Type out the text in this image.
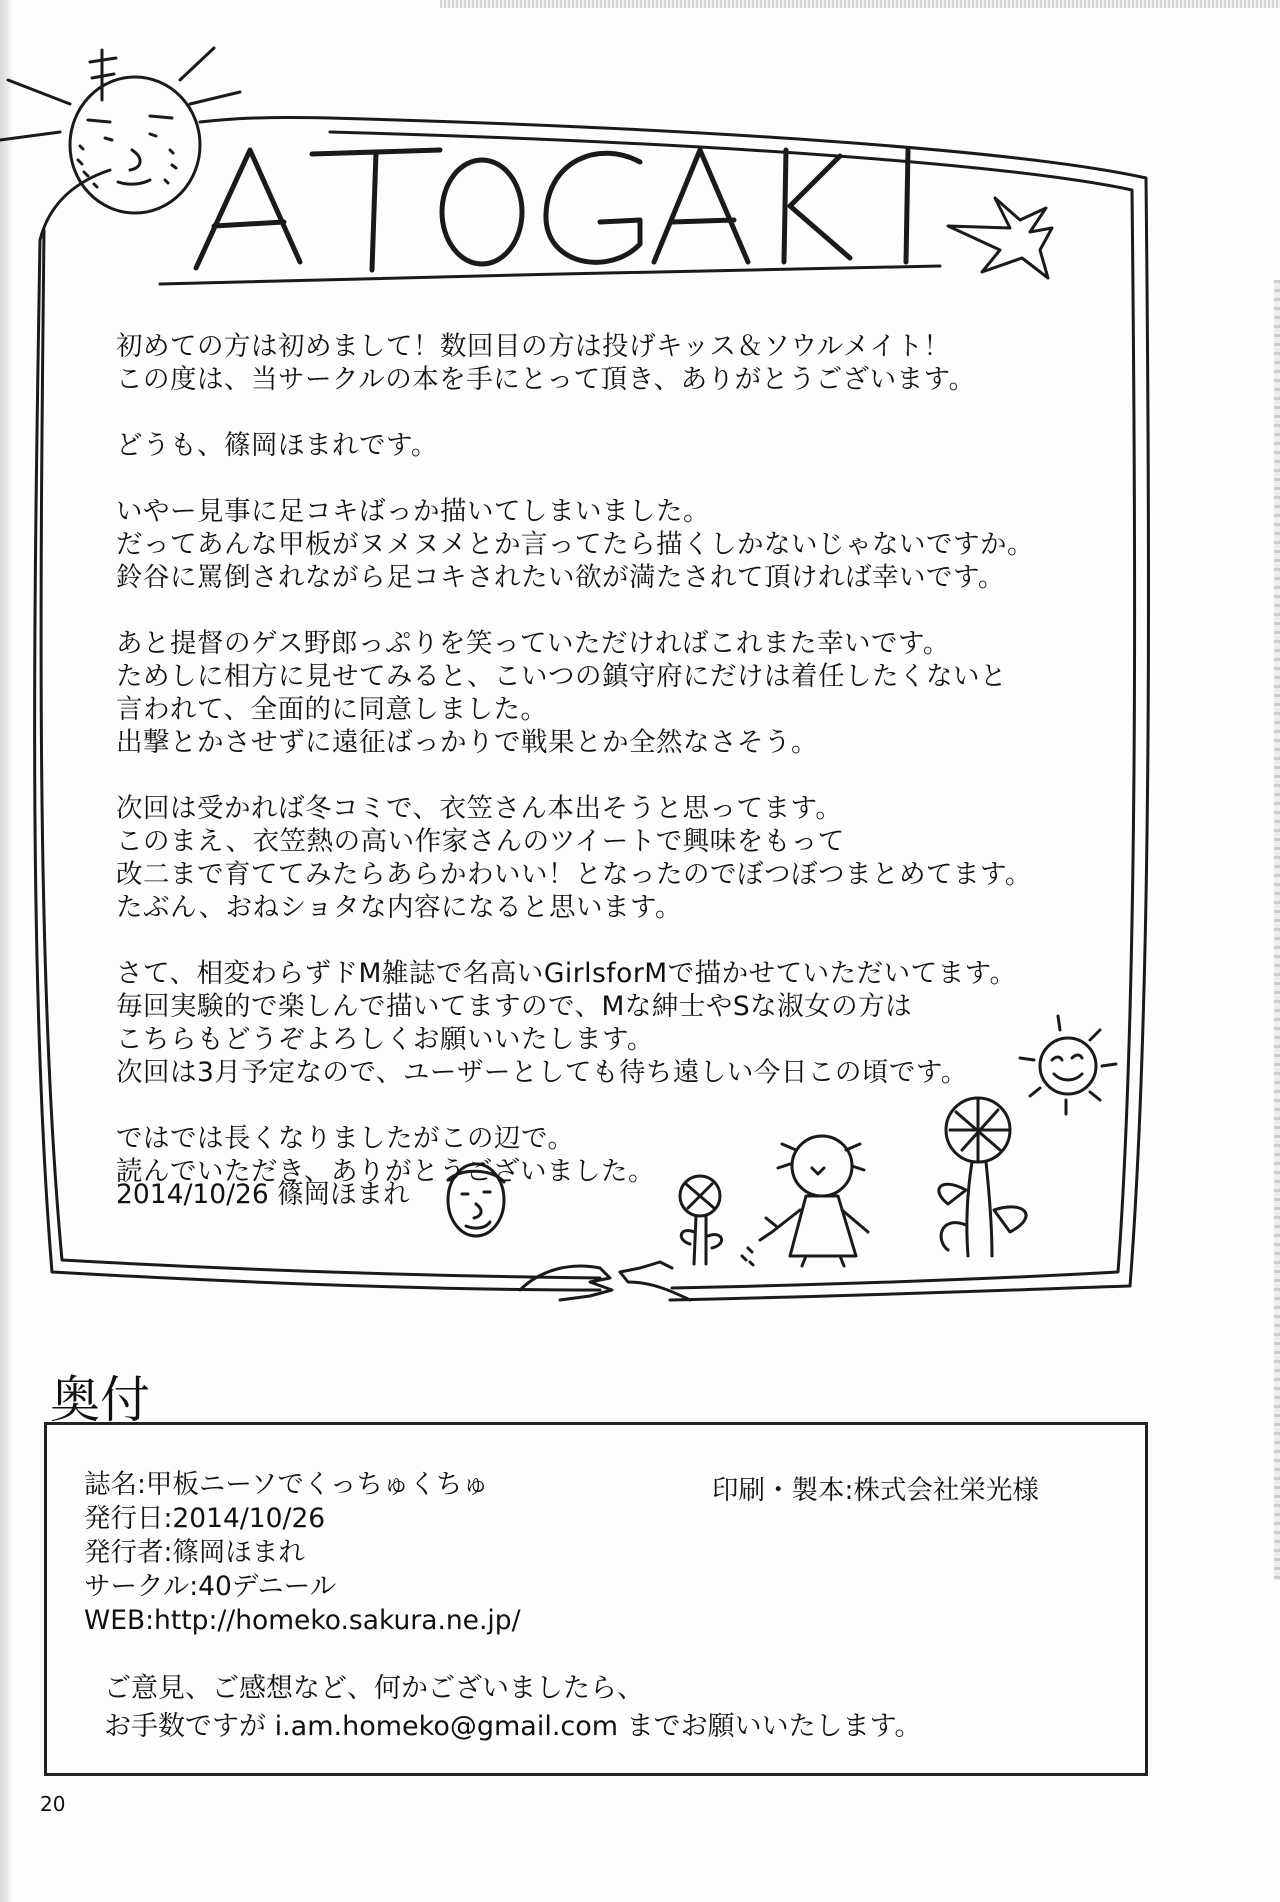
初めての方は初めまして！数回目の方は投げキッス＆ソウルメイト！
この度は、当サークルの本を手にとって頂き、ありがとうございます。

どうも、篠岡ほまれです。

いやー見事に足コキばっか描いてしまいました。
だってあんな甲板がヌメヌメとか言ってたら描くしかないじゃないですか。
鈴谷に罵倒されながら足コキされたい欲が満たされて頂ければ幸いです。

あと提督のゲス野郎っぷりを笑っていただければこれまた幸いです。
ためしに相方に見せてみると、こいつの鎮守府にだけは着任したくないと
言われて、全面的に同意しました。
出撃とかさせずに遠征ばっかりで戦果とか全然なさそう。

次回は受かれば冬コミで、衣笠さん本出そうと思ってます。
このまえ、衣笠熱の高い作家さんのツイートで興味をもって
改二まで育ててみたらあらかわいい！となったのでぼつぼつまとめてます。
たぶん、おねショタな内容になると思います。

さて、相変わらずドM雑誌で名高いGirlsforMで描かせていただいてます。
毎回実験的で楽しんで描いてますので、Mな紳士やSな淑女の方は
こちらもどうぞよろしくお願いいたします。
次回は3月予定なので、ユーザーとしても待ち遠しい今日この頃です。

ではでは長くなりましたがこの辺で。
読んでいただき、ありがとうございました。

2014/10/26 篠岡ほまれ
奥付
誌名:甲板ニーソでくっちゅくちゅ
発行日:2014/10/26
発行者:篠岡ほまれ
サークル:40デニール
WEB:http://homeko.sakura.ne.jp/
印刷・製本:株式会社栄光様
ご意見、ご感想など、何かございましたら、
お手数ですが i.am.homeko@gmail.com までお願いいたします。
20
